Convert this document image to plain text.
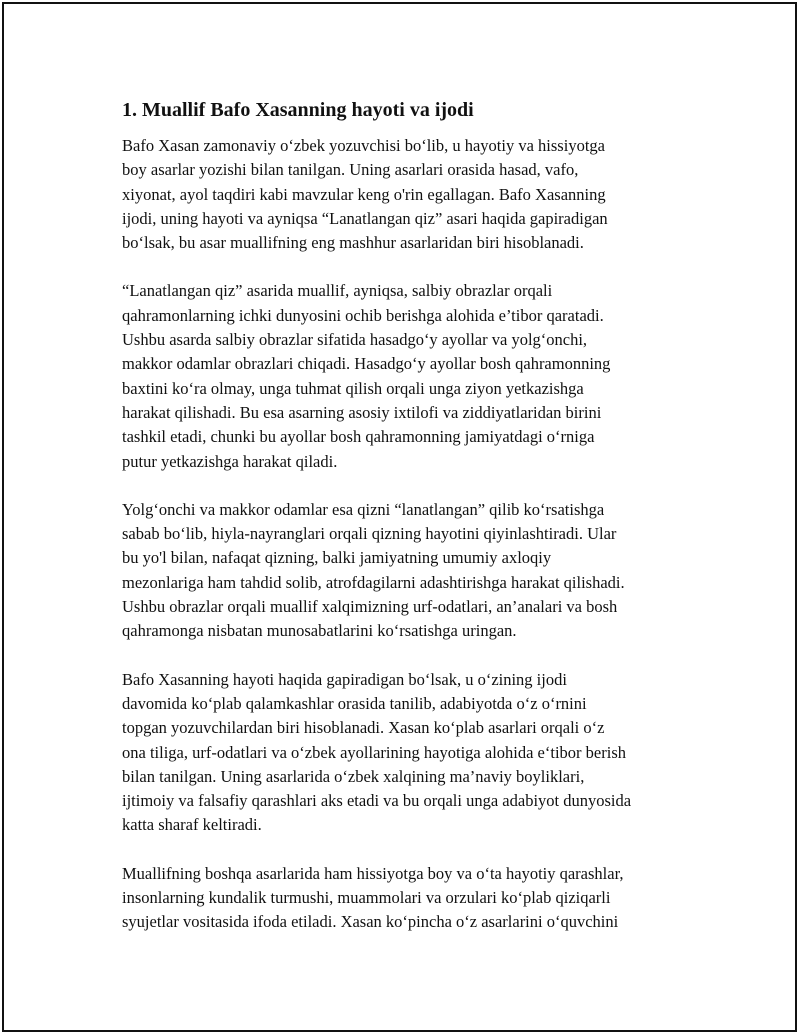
1. Muallif Bafo Xasanning hayoti va ijodi

Bafo Xasan zamonaviy o‘zbek yozuvchisi bo‘lib, u hayotiy va hissiyotga
boy asarlar yozishi bilan tanilgan. Uning asarlari orasida hasad, vafo,
xiyonat, ayol taqdiri kabi mavzular keng o'rin egallagan. Bafo Xasanning
ijodi, uning hayoti va ayniqsa “Lanatlangan qiz” asari haqida gapiradigan
bo‘lsak, bu asar muallifning eng mashhur asarlaridan biri hisoblanadi.

“Lanatlangan qiz” asarida muallif, ayniqsa, salbiy obrazlar orqali
qahramonlarning ichki dunyosini ochib berishga alohida e’tibor qaratadi.
Ushbu asarda salbiy obrazlar sifatida hasadgo‘y ayollar va yolg‘onchi,
makkor odamlar obrazlari chiqadi. Hasadgo‘y ayollar bosh qahramonning
baxtini ko‘ra olmay, unga tuhmat qilish orqali unga ziyon yetkazishga
harakat qilishadi. Bu esa asarning asosiy ixtilofi va ziddiyatlaridan birini
tashkil etadi, chunki bu ayollar bosh qahramonning jamiyatdagi o‘rniga
putur yetkazishga harakat qiladi.

Yolg‘onchi va makkor odamlar esa qizni “lanatlangan” qilib ko‘rsatishga
sabab bo‘lib, hiyla-nayranglari orqali qizning hayotini qiyinlashtiradi. Ular
bu yo'l bilan, nafaqat qizning, balki jamiyatning umumiy axloqiy
mezonlariga ham tahdid solib, atrofdagilarni adashtirishga harakat qilishadi.
Ushbu obrazlar orqali muallif xalqimizning urf-odatlari, an’analari va bosh
qahramonga nisbatan munosabatlarini ko‘rsatishga uringan.

Bafo Xasanning hayoti haqida gapiradigan bo‘lsak, u o‘zining ijodi
davomida ko‘plab qalamkashlar orasida tanilib, adabiyotda o‘z o‘rnini
topgan yozuvchilardan biri hisoblanadi. Xasan ko‘plab asarlari orqali o‘z
ona tiliga, urf-odatlari va o‘zbek ayollarining hayotiga alohida e‘tibor berish
bilan tanilgan. Uning asarlarida o‘zbek xalqining ma’naviy boyliklari,
ijtimoiy va falsafiy qarashlari aks etadi va bu orqali unga adabiyot dunyosida
katta sharaf keltiradi.

Muallifning boshqa asarlarida ham hissiyotga boy va o‘ta hayotiy qarashlar,
insonlarning kundalik turmushi, muammolari va orzulari ko‘plab qiziqarli
syujetlar vositasida ifoda etiladi. Xasan ko‘pincha o‘z asarlarini o‘quvchini
